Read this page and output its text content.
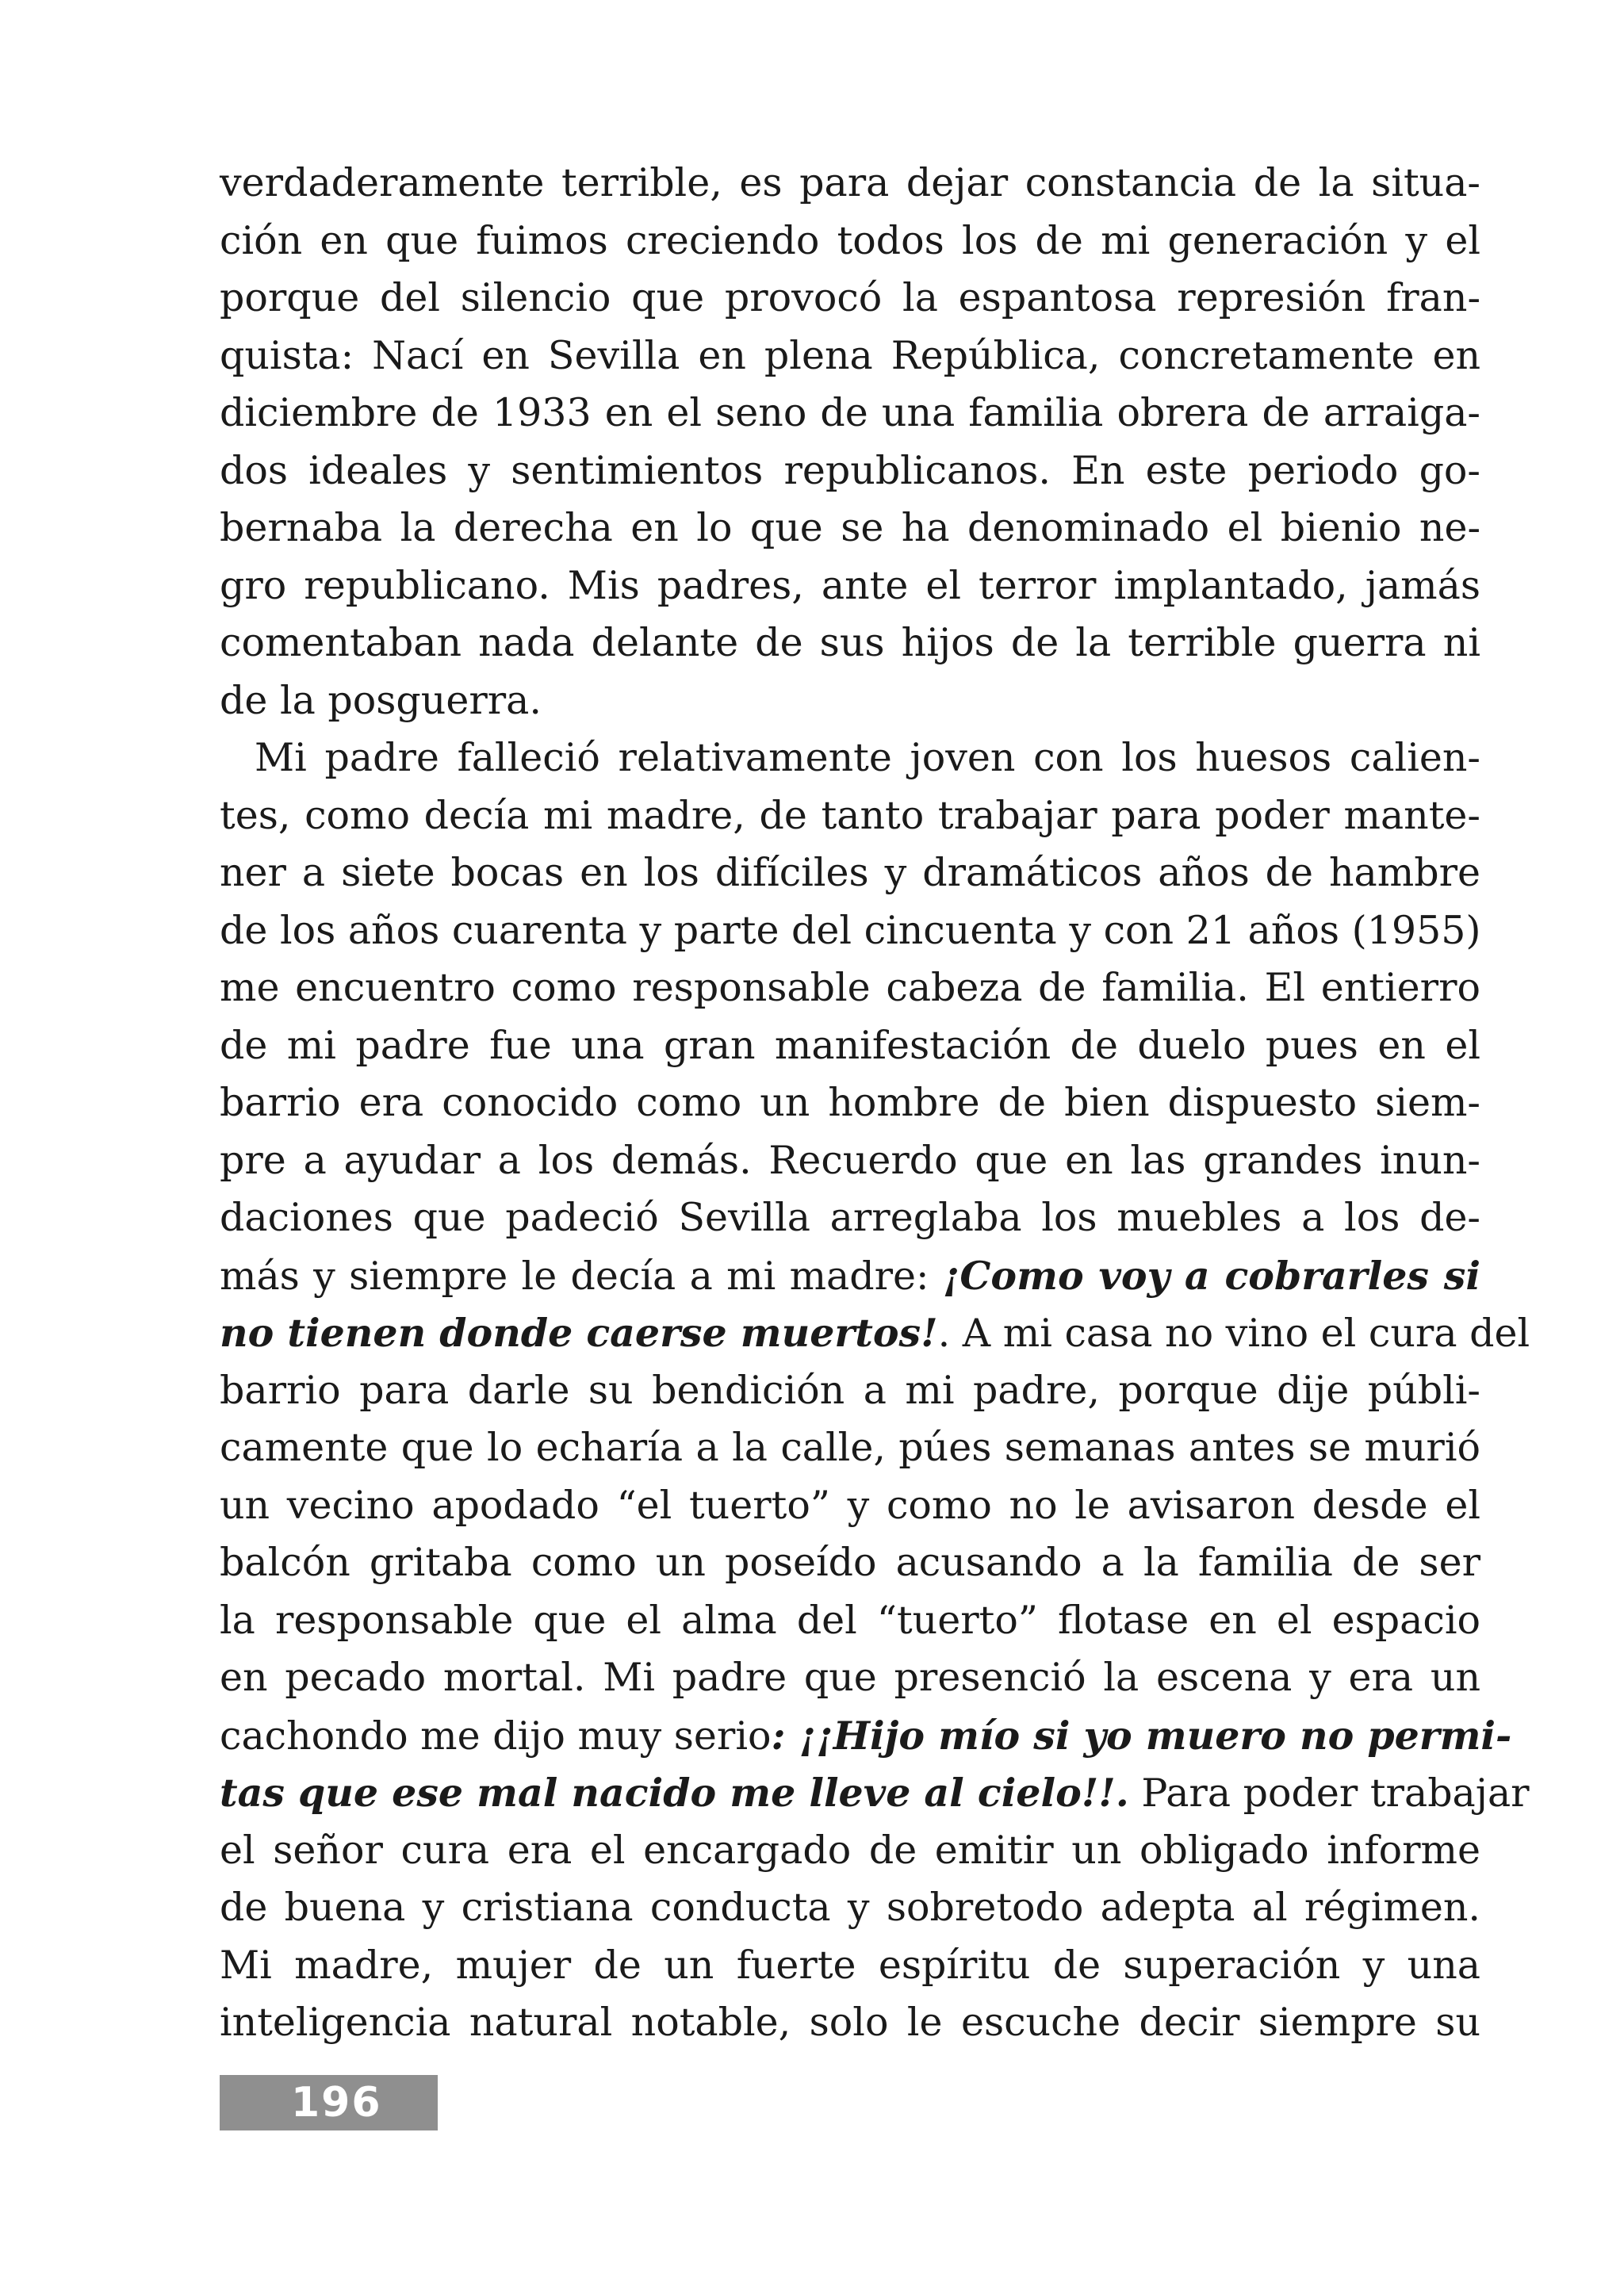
verdaderamente terrible, es para dejar constancia de la situa-
ción en que fuimos creciendo todos los de mi generación y el
porque del silencio que provocó la espantosa represión fran-
quista: Nací en Sevilla en plena República, concretamente en
diciembre de 1933 en el seno de una familia obrera de arraiga-
dos ideales y sentimientos republicanos. En este periodo go-
bernaba la derecha en lo que se ha denominado el bienio ne-
gro republicano. Mis padres, ante el terror implantado, jamás
comentaban nada delante de sus hijos de la terrible guerra ni
de la posguerra.
Mi padre falleció relativamente joven con los huesos calien-
tes, como decía mi madre, de tanto trabajar para poder mante-
ner a siete bocas en los difíciles y dramáticos años de hambre
de los años cuarenta y parte del cincuenta y con 21 años (1955)
me encuentro como responsable cabeza de familia. El entierro
de mi padre fue una gran manifestación de duelo pues en el
barrio era conocido como un hombre de bien dispuesto siem-
pre a ayudar a los demás. Recuerdo que en las grandes inun-
daciones que padeció Sevilla arreglaba los muebles a los de-
más y siempre le decía a mi madre: ¡Como voy a cobrarles si
no tienen donde caerse muertos!. A mi casa no vino el cura del
barrio para darle su bendición a mi padre, porque dije públi-
camente que lo echaría a la calle, púes semanas antes se murió
un vecino apodado “el tuerto” y como no le avisaron desde el
balcón gritaba como un poseído acusando a la familia de ser
la responsable que el alma del “tuerto” flotase en el espacio
en pecado mortal. Mi padre que presenció la escena y era un
cachondo me dijo muy serio: ¡¡Hijo mío si yo muero no permi-
tas que ese mal nacido me lleve al cielo!!. Para poder trabajar
el señor cura era el encargado de emitir un obligado informe
de buena y cristiana conducta y sobretodo adepta al régimen.
Mi madre, mujer de un fuerte espíritu de superación y una
inteligencia natural notable, solo le escuche decir siempre su
196
